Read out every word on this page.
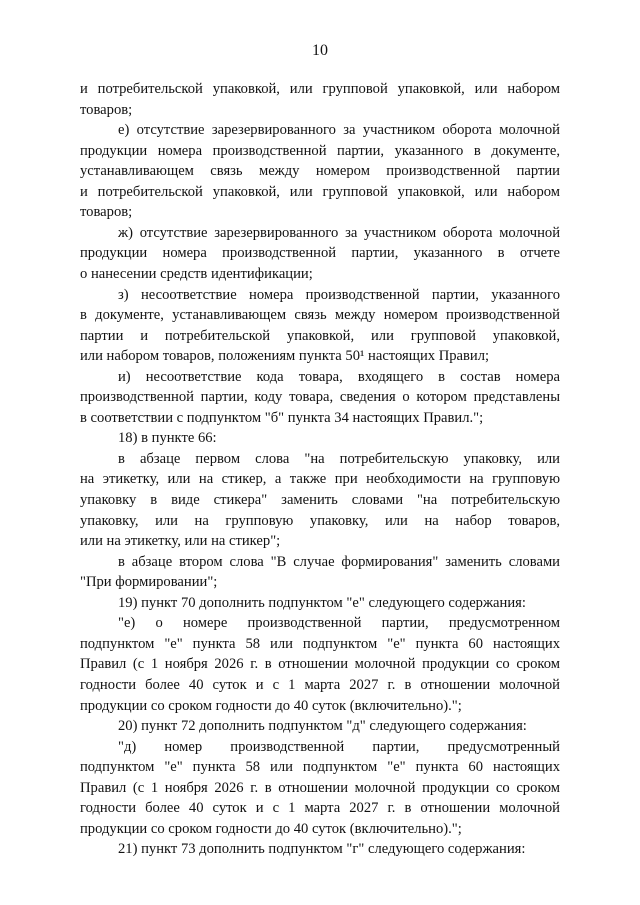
10
и потребительской упаковкой, или групповой упаковкой, или набором
товаров;
е) отсутствие зарезервированного за участником оборота молочной
продукции номера производственной партии, указанного в документе,
устанавливающем связь между номером производственной партии
и потребительской упаковкой, или групповой упаковкой, или набором
товаров;
ж) отсутствие зарезервированного за участником оборота молочной
продукции номера производственной партии, указанного в отчете
о нанесении средств идентификации;
з) несоответствие номера производственной партии, указанного
в документе, устанавливающем связь между номером производственной
партии и потребительской упаковкой, или групповой упаковкой,
или набором товаров, положениям пункта 50¹ настоящих Правил;
и) несоответствие кода товара, входящего в состав номера
производственной партии, коду товара, сведения о котором представлены
в соответствии с подпунктом "б" пункта 34 настоящих Правил.";
18) в пункте 66:
в абзаце первом слова "на потребительскую упаковку, или
на этикетку, или на стикер, а также при необходимости на групповую
упаковку в виде стикера" заменить словами "на потребительскую
упаковку, или на групповую упаковку, или на набор товаров,
или на этикетку, или на стикер";
в абзаце втором слова "В случае формирования" заменить словами
"При формировании";
19) пункт 70 дополнить подпунктом "е" следующего содержания:
"е) о номере производственной партии, предусмотренном
подпунктом "е" пункта 58 или подпунктом "е" пункта 60 настоящих
Правил (с 1 ноября 2026 г. в отношении молочной продукции со сроком
годности более 40 суток и с 1 марта 2027 г. в отношении молочной
продукции со сроком годности до 40 суток (включительно).";
20) пункт 72 дополнить подпунктом "д" следующего содержания:
"д) номер производственной партии, предусмотренный
подпунктом "е" пункта 58 или подпунктом "е" пункта 60 настоящих
Правил (с 1 ноября 2026 г. в отношении молочной продукции со сроком
годности более 40 суток и с 1 марта 2027 г. в отношении молочной
продукции со сроком годности до 40 суток (включительно).";
21) пункт 73 дополнить подпунктом "г" следующего содержания:
